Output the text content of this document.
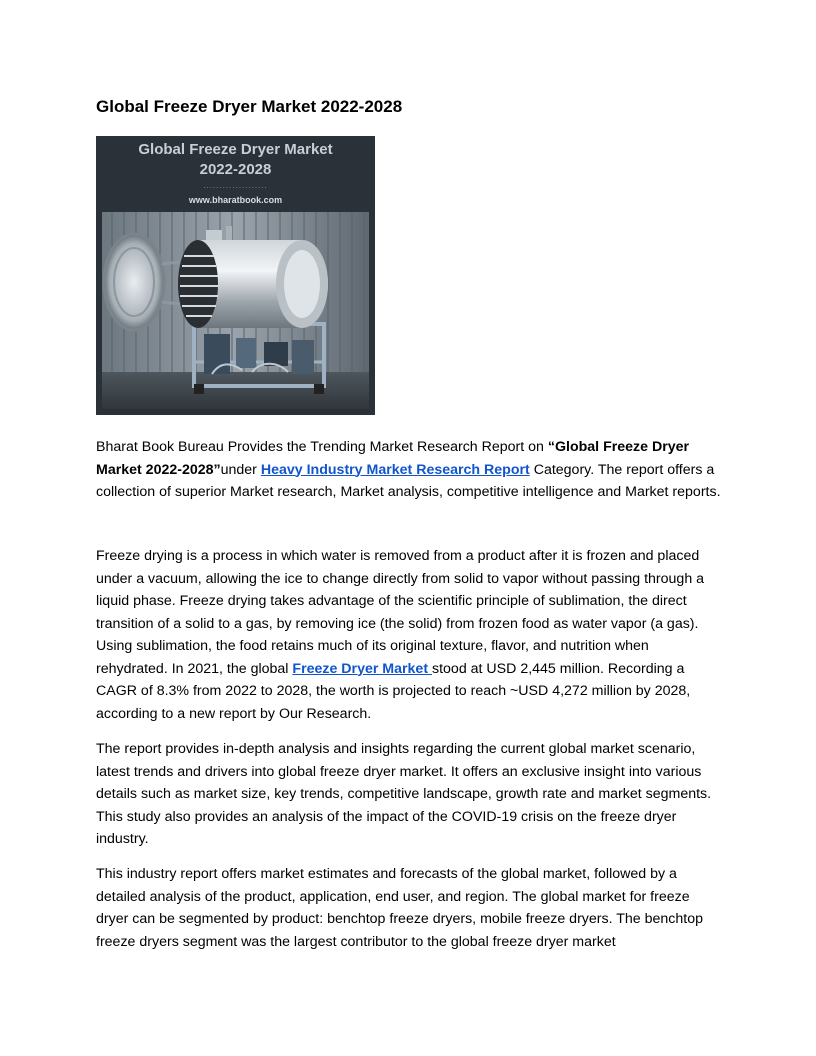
Global Freeze Dryer Market 2022-2028
Global Freeze Dryer Market
2022-2028
....................
www.bharatbook.com

Bharat Book Bureau Provides the Trending Market Research Report on “Global Freeze Dryer Market 2022-2028”under Heavy Industry Market Research Report Category. The report offers a collection of superior Market research, Market analysis, competitive intelligence and Market reports.

Freeze drying is a process in which water is removed from a product after it is frozen and placed under a vacuum, allowing the ice to change directly from solid to vapor without passing through a liquid phase. Freeze drying takes advantage of the scientific principle of sublimation, the direct transition of a solid to a gas, by removing ice (the solid) from frozen food as water vapor (a gas). Using sublimation, the food retains much of its original texture, flavor, and nutrition when rehydrated. In 2021, the global Freeze Dryer Market stood at USD 2,445 million. Recording a CAGR of 8.3% from 2022 to 2028, the worth is projected to reach ~USD 4,272 million by 2028, according to a new report by Our Research.

The report provides in-depth analysis and insights regarding the current global market scenario, latest trends and drivers into global freeze dryer market. It offers an exclusive insight into various details such as market size, key trends, competitive landscape, growth rate and market segments. This study also provides an analysis of the impact of the COVID-19 crisis on the freeze dryer industry.

This industry report offers market estimates and forecasts of the global market, followed by a detailed analysis of the product, application, end user, and region. The global market for freeze dryer can be segmented by product: benchtop freeze dryers, mobile freeze dryers. The benchtop freeze dryers segment was the largest contributor to the global freeze dryer market
